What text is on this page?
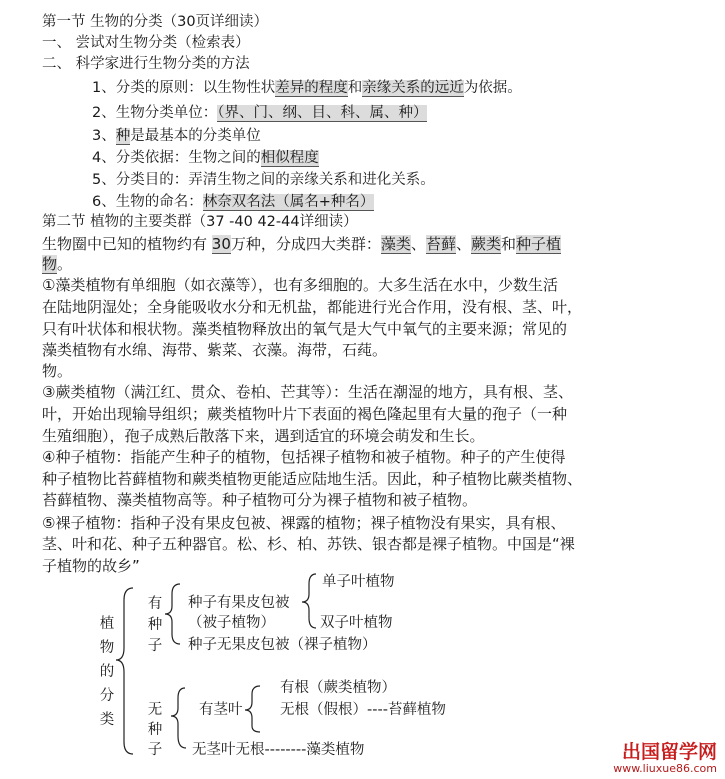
第一节 生物的分类（30页详细读）
一、 尝试对生物分类（检索表）
二、 科学家进行生物分类的方法
1、分类的原则：以生物性状差异的程度和亲缘关系的远近为依据。
2、生物分类单位：（界、门、纲、目、科、属、种）
3、种是最基本的分类单位
4、分类依据：生物之间的相似程度
5、分类目的：弄清生物之间的亲缘关系和进化关系。
6、生物的命名：林奈双名法（属名+种名）
第二节 植物的主要类群（37 -40 42-44详细读）
生物圈中已知的植物约有 30万种，分成四大类群：藻类、苔藓、蕨类和种子植
物。
①藻类植物有单细胞（如衣藻等），也有多细胞的。大多生活在水中，少数生活
在陆地阴湿处；全身能吸收水分和无机盐，都能进行光合作用，没有根、茎、叶，
只有叶状体和根状物。藻类植物释放出的氧气是大气中氧气的主要来源；常见的
藻类植物有水绵、海带、紫菜、衣藻。海带，石莼。
物。
③蕨类植物（满江红、贯众、卷柏、芒萁等）：生活在潮湿的地方，具有根、茎、
叶，开始出现输导组织；蕨类植物叶片下表面的褐色隆起里有大量的孢子（一种
生殖细胞），孢子成熟后散落下来，遇到适宜的环境会萌发和生长。
④种子植物：指能产生种子的植物，包括裸子植物和被子植物。种子的产生使得
种子植物比苔藓植物和蕨类植物更能适应陆地生活。因此，种子植物比蕨类植物、
苔藓植物、藻类植物高等。种子植物可分为裸子植物和被子植物。
⑤裸子植物：指种子没有果皮包被、裸露的植物；裸子植物没有果实，具有根、
茎、叶和花、种子五种器官。松、杉、柏、苏铁、银杏都是裸子植物。中国是“裸
子植物的故乡”
植
物
的
分
类
有
种
子
无
种
子
种子有果皮包被
（被子植物）
种子无果皮包被（裸子植物）
单子叶植物
双子叶植物
有茎叶
有根（蕨类植物）
无根（假根）----苔藓植物
无茎叶无根--------藻类植物	出国留学网
www.liuxue86.com
